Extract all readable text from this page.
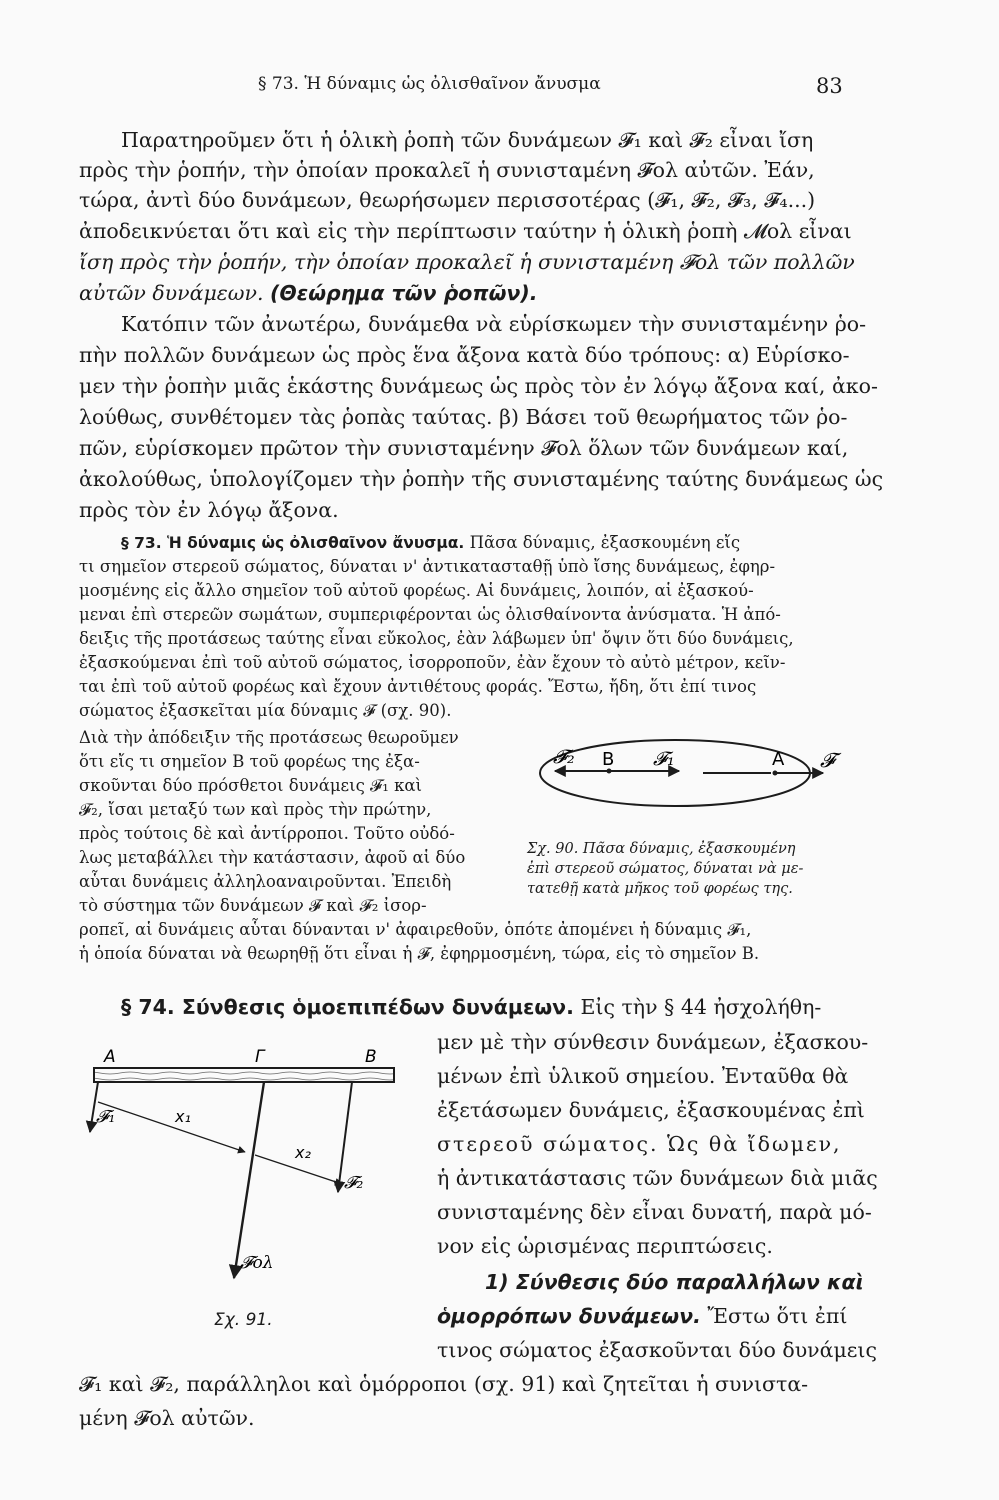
§ 73. Ἡ δύναμις ὡς ὀλισθαῖνον ἄνυσμα	83
Παρατηροῦμεν ὅτι ἡ ὁλικὴ ῥοπὴ τῶν δυνάμεων 𝓕₁ καὶ 𝓕₂ εἶναι ἴση
πρὸς τὴν ῥοπήν, τὴν ὁποίαν προκαλεῖ ἡ συνισταμένη 𝓕ολ αὐτῶν. Ἐάν,
τώρα, ἀντὶ δύο δυνάμεων, θεωρήσωμεν περισσοτέρας (𝓕₁, 𝓕₂, 𝓕₃, 𝓕₄...)
ἀποδεικνύεται ὅτι καὶ εἰς τὴν περίπτωσιν ταύτην ἡ ὁλικὴ ῥοπὴ 𝓜ολ εἶναι
ἴση πρὸς τὴν ῥοπήν, τὴν ὁποίαν προκαλεῖ ἡ συνισταμένη 𝓕ολ τῶν πολλῶν
αὐτῶν δυνάμεων. (Θεώρημα τῶν ῥοπῶν).
Κατόπιν τῶν ἀνωτέρω, δυνάμεθα νὰ εὑρίσκωμεν τὴν συνισταμένην ῥο-
πὴν πολλῶν δυνάμεων ὡς πρὸς ἕνα ἄξονα κατὰ δύο τρόπους: α) Εὑρίσκο-
μεν τὴν ῥοπὴν μιᾶς ἑκάστης δυνάμεως ὡς πρὸς τὸν ἐν λόγῳ ἄξονα καί, ἀκο-
λούθως, συνθέτομεν τὰς ῥοπὰς ταύτας. β) Βάσει τοῦ θεωρήματος τῶν ῥο-
πῶν, εὑρίσκομεν πρῶτον τὴν συνισταμένην 𝓕ολ ὅλων τῶν δυνάμεων καί,
ἀκολούθως, ὑπολογίζομεν τὴν ῥοπὴν τῆς συνισταμένης ταύτης δυνάμεως ὡς
πρὸς τὸν ἐν λόγῳ ἄξονα.
§ 73. Ἡ δύναμις ὡς ὀλισθαῖνον ἄνυσμα. Πᾶσα δύναμις, ἐξασκουμένη εἴς
τι σημεῖον στερεοῦ σώματος, δύναται ν' ἀντικατασταθῇ ὑπὸ ἴσης δυνάμεως, ἐφηρ-
μοσμένης εἰς ἄλλο σημεῖον τοῦ αὐτοῦ φορέως. Αἱ δυνάμεις, λοιπόν, αἱ ἐξασκού-
μεναι ἐπὶ στερεῶν σωμάτων, συμπεριφέρονται ὡς ὀλισθαίνοντα ἀνύσματα. Ἡ ἀπό-
δειξις τῆς προτάσεως ταύτης εἶναι εὔκολος, ἐὰν λάβωμεν ὑπ' ὄψιν ὅτι δύο δυνάμεις,
ἐξασκούμεναι ἐπὶ τοῦ αὐτοῦ σώματος, ἰσορροποῦν, ἐὰν ἔχουν τὸ αὐτὸ μέτρον, κεῖν-
ται ἐπὶ τοῦ αὐτοῦ φορέως καὶ ἔχουν ἀντιθέτους φοράς. Ἔστω, ἤδη, ὅτι ἐπί τινος
σώματος ἐξασκεῖται μία δύναμις 𝓕 (σχ. 90).
Διὰ τὴν ἀπόδειξιν τῆς προτάσεως θεωροῦμεν
ὅτι εἴς τι σημεῖον Β τοῦ φορέως της ἐξα-
σκοῦνται δύο πρόσθετοι δυνάμεις 𝓕₁ καὶ
𝓕₂, ἴσαι μεταξύ των καὶ πρὸς τὴν πρώτην,
πρὸς τούτοις δὲ καὶ ἀντίρροποι. Τοῦτο οὐδό-
λως μεταβάλλει τὴν κατάστασιν, ἀφοῦ αἱ δύο
αὗται δυνάμεις ἀλληλοαναιροῦνται. Ἐπειδὴ
τὸ σύστημα τῶν δυνάμεων 𝓕 καὶ 𝓕₂ ἰσορ-
ροπεῖ, αἱ δυνάμεις αὗται δύνανται ν' ἀφαιρεθοῦν, ὁπότε ἀπομένει ἡ δύναμις 𝓕₁,
ἡ ὁποία δύναται νὰ θεωρηθῇ ὅτι εἶναι ἡ 𝓕, ἐφηρμοσμένη, τώρα, εἰς τὸ σημεῖον Β.
𝓕₂ B 𝓕₁	A 𝓕
Σχ. 90. Πᾶσα δύναμις, ἐξασκουμένη
ἐπὶ στερεοῦ σώματος, δύναται νὰ με-
τατεθῇ κατὰ μῆκος τοῦ φορέως της.
§ 74. Σύνθεσις ὁμοεπιπέδων δυνάμεων. Εἰς τὴν § 44 ἠσχολήθη-
μεν μὲ τὴν σύνθεσιν δυνάμεων, ἐξασκου-
μένων ἐπὶ ὑλικοῦ σημείου. Ἐνταῦθα θὰ
ἐξετάσωμεν δυνάμεις, ἐξασκουμένας ἐπὶ
στερεοῦ σώματος. Ὡς θὰ ἴδωμεν,
ἡ ἀντικατάστασις τῶν δυνάμεων διὰ μιᾶς
συνισταμένης δὲν εἶναι δυνατή, παρὰ μό-
νον εἰς ὡρισμένας περιπτώσεις.
1) Σύνθεσις δύο παραλλήλων καὶ
ὁμορρόπων δυνάμεων. Ἔστω ὅτι ἐπί
τινος σώματος ἐξασκοῦνται δύο δυνάμεις
𝓕₁ καὶ 𝓕₂, παράλληλοι καὶ ὁμόρροποι (σχ. 91) καὶ ζητεῖται ἡ συνιστα-
μένη 𝓕ολ αὐτῶν.
A	Γ	B
𝓕₁	x₁
x₂
𝓕₂
𝓕ολ
Σχ. 91.
